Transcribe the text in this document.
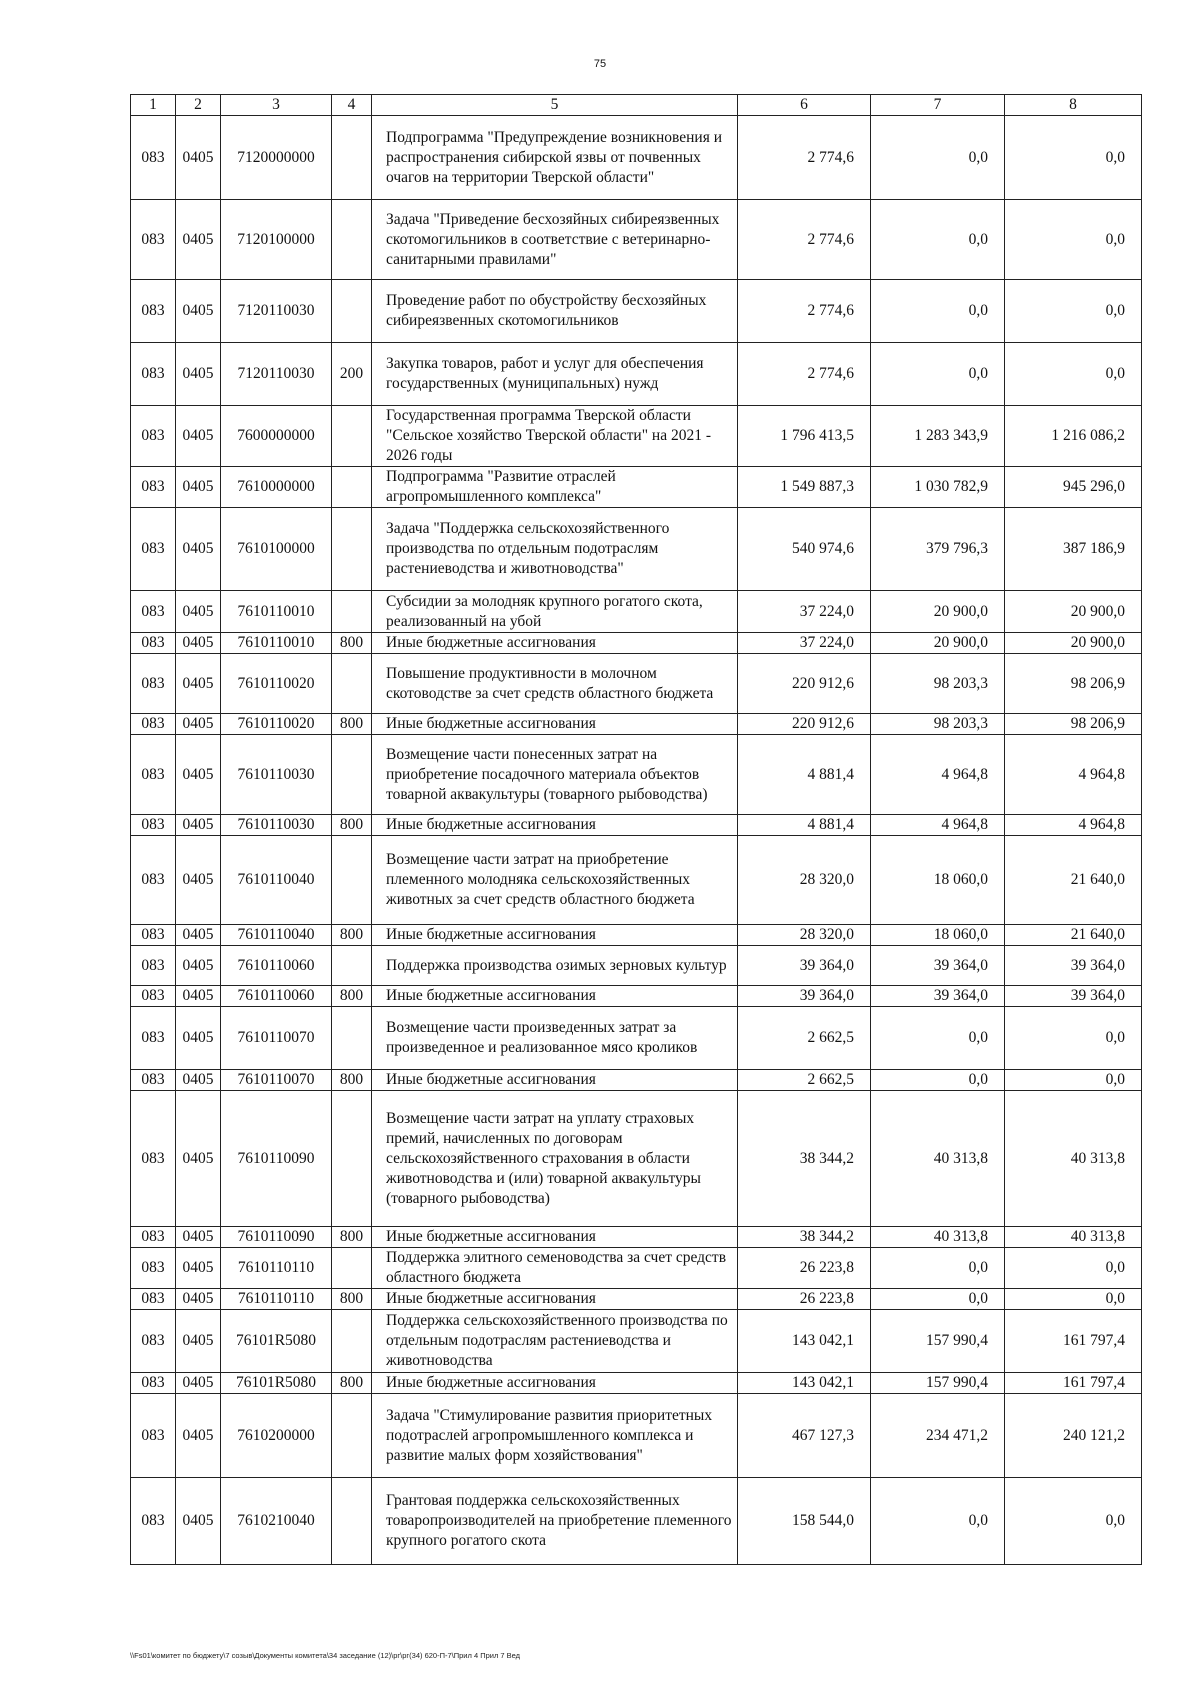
75
1	2	3	4	5	6	7	8
083	0405	7120000000		Подпрограмма "Предупреждение возникновения и распространения сибирской язвы от почвенных очагов на территории Тверской области"	2 774,6	0,0	0,0
083	0405	7120100000		Задача "Приведение бесхозяйных сибиреязвенных скотомогильников в соответствие с ветеринарно-санитарными правилами"	2 774,6	0,0	0,0
083	0405	7120110030		Проведение работ по обустройству бесхозяйных сибиреязвенных скотомогильников	2 774,6	0,0	0,0
083	0405	7120110030	200	Закупка товаров, работ и услуг для обеспечения государственных (муниципальных) нужд	2 774,6	0,0	0,0
083	0405	7600000000		Государственная программа Тверской области "Сельское хозяйство Тверской области" на 2021 - 2026 годы	1 796 413,5	1 283 343,9	1 216 086,2
083	0405	7610000000		Подпрограмма "Развитие отраслей агропромышленного комплекса"	1 549 887,3	1 030 782,9	945 296,0
083	0405	7610100000		Задача "Поддержка сельскохозяйственного производства по отдельным подотраслям растениеводства и животноводства"	540 974,6	379 796,3	387 186,9
083	0405	7610110010		Субсидии за молодняк крупного рогатого скота, реализованный на убой	37 224,0	20 900,0	20 900,0
083	0405	7610110010	800	Иные бюджетные ассигнования	37 224,0	20 900,0	20 900,0
083	0405	7610110020		Повышение продуктивности в молочном скотоводстве за счет средств областного бюджета	220 912,6	98 203,3	98 206,9
083	0405	7610110020	800	Иные бюджетные ассигнования	220 912,6	98 203,3	98 206,9
083	0405	7610110030		Возмещение части понесенных затрат на приобретение посадочного материала объектов товарной аквакультуры (товарного рыбоводства)	4 881,4	4 964,8	4 964,8
083	0405	7610110030	800	Иные бюджетные ассигнования	4 881,4	4 964,8	4 964,8
083	0405	7610110040		Возмещение части затрат на приобретение племенного молодняка сельскохозяйственных животных за счет средств областного бюджета	28 320,0	18 060,0	21 640,0
083	0405	7610110040	800	Иные бюджетные ассигнования	28 320,0	18 060,0	21 640,0
083	0405	7610110060		Поддержка производства озимых зерновых культур	39 364,0	39 364,0	39 364,0
083	0405	7610110060	800	Иные бюджетные ассигнования	39 364,0	39 364,0	39 364,0
083	0405	7610110070		Возмещение части произведенных затрат за произведенное и реализованное мясо кроликов	2 662,5	0,0	0,0
083	0405	7610110070	800	Иные бюджетные ассигнования	2 662,5	0,0	0,0
083	0405	7610110090		Возмещение части затрат на уплату страховых премий, начисленных по договорам сельскохозяйственного страхования в области животноводства и (или) товарной аквакультуры (товарного рыбоводства)	38 344,2	40 313,8	40 313,8
083	0405	7610110090	800	Иные бюджетные ассигнования	38 344,2	40 313,8	40 313,8
083	0405	7610110110		Поддержка элитного семеноводства за счет средств областного бюджета	26 223,8	0,0	0,0
083	0405	7610110110	800	Иные бюджетные ассигнования	26 223,8	0,0	0,0
083	0405	76101R5080		Поддержка сельскохозяйственного производства по отдельным подотраслям растениеводства и животноводства	143 042,1	157 990,4	161 797,4
083	0405	76101R5080	800	Иные бюджетные ассигнования	143 042,1	157 990,4	161 797,4
083	0405	7610200000		Задача "Стимулирование развития приоритетных подотраслей агропромышленного комплекса и развитие малых форм хозяйствования"	467 127,3	234 471,2	240 121,2
083	0405	7610210040		Грантовая поддержка сельскохозяйственных товаропроизводителей на приобретение племенного крупного рогатого скота	158 544,0	0,0	0,0
\\Fs01\комитет по бюджету\7 созыв\Документы комитета\34 заседание (12)\рг\рг(34) 620-П-7\Прил 4 Прил 7 Вед
